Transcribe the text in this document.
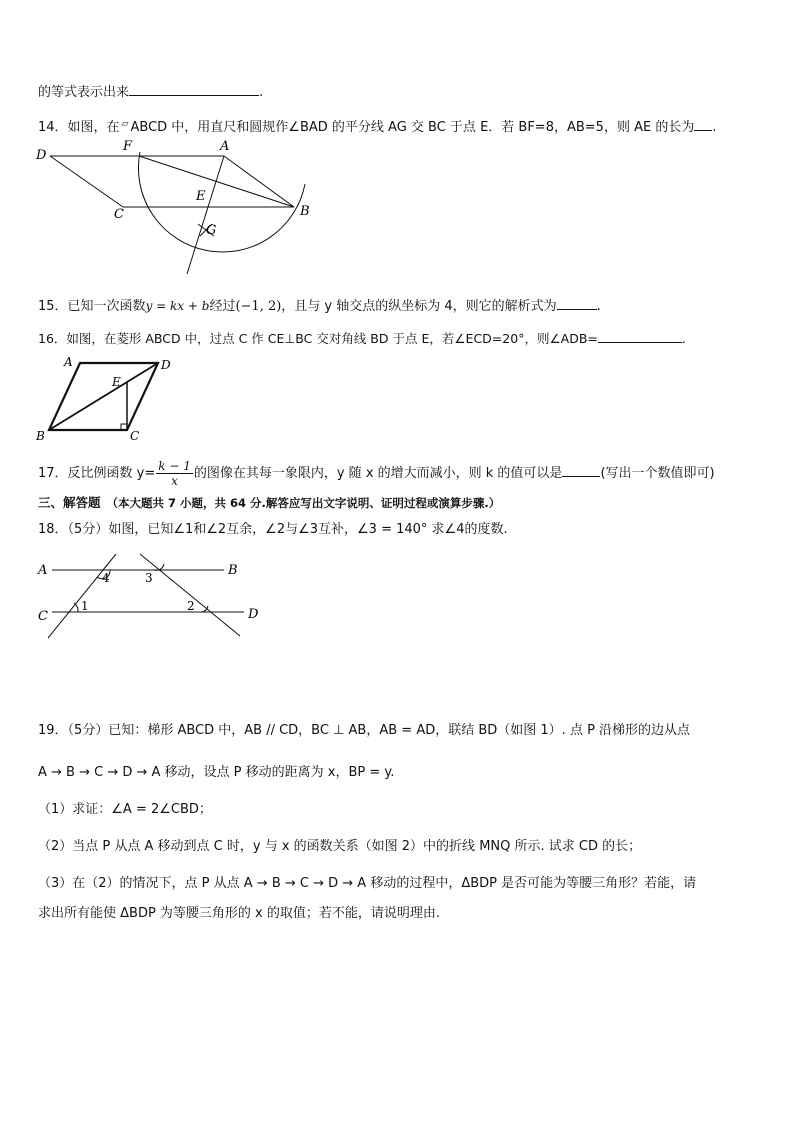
的等式表示出来	.
14．如图，在 ▱ ABCD 中，用直尺和圆规作∠BAD 的平分线 AG 交 BC 于点 E．若 BF=8，AB=5，则 AE 的长为 .
D
F	A
E
C	B
G
15．已知一次函数y = kx + b经过(−1, 2)，且与 y 轴交点的纵坐标为 4，则它的解析式为	.
16．如图，在菱形 ABCD 中，过点 C 作 CE⊥BC 交对角线 BD 于点 E，若∠ECD=20°，则∠ADB=	.
A	D
E
B	C
17．反比例函数 $y= \frac{k - 1}{x}$ 的图像在其每一象限内，y 随 x 的增大而减小，则 k 的值可以是	(写出一个数值即可)
三、解答题 （本大题共 7 小题，共 64 分.解答应写出文字说明、证明过程或演算步骤.）
18．（5分）如图，已知∠1和∠2互余，∠2与∠3互补，∠3 = 140° 求∠4的度数.
A	B
C	D
1	2
3
4
19．（5分）已知：梯形 ABCD 中，AB // CD，BC ⊥ AB，AB = AD，联结 BD（如图 1）. 点 P 沿梯形的边从点
A → B → C → D → A 移动，设点 P 移动的距离为 x，BP = y.
（1）求证：∠A = 2∠CBD；
（2）当点 P 从点 A 移动到点 C 时，y 与 x 的函数关系（如图 2）中的折线 MNQ 所示. 试求 CD 的长；
（3）在（2）的情况下，点 P 从点 A → B → C → D → A 移动的过程中，ΔBDP 是否可能为等腰三角形？若能，请
求出所有能使 ΔBDP 为等腰三角形的 x 的取值；若不能，请说明理由.
